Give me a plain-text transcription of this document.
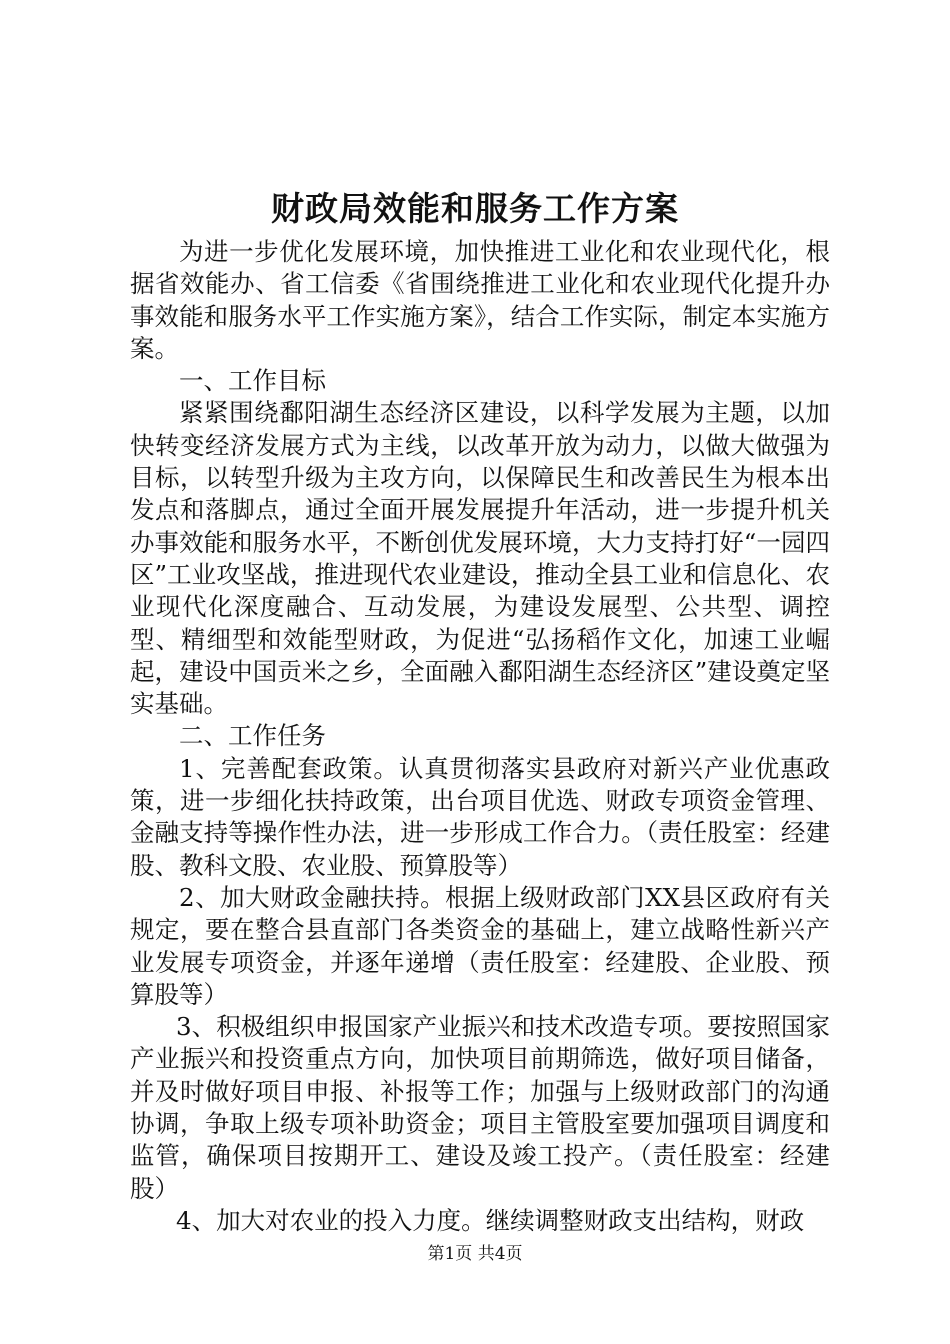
财政局效能和服务工作方案

为进一步优化发展环境，加快推进工业化和农业现代化，根据省效能办、省工信委《省围绕推进工业化和农业现代化提升办事效能和服务水平工作实施方案》，结合工作实际，制定本实施方案。

一、工作目标

紧紧围绕鄱阳湖生态经济区建设，以科学发展为主题，以加快转变经济发展方式为主线，以改革开放为动力，以做大做强为目标，以转型升级为主攻方向，以保障民生和改善民生为根本出发点和落脚点，通过全面开展发展提升年活动，进一步提升机关办事效能和服务水平，不断创优发展环境，大力支持打好“一园四区”工业攻坚战，推进现代农业建设，推动全县工业和信息化、农业现代化深度融合、互动发展，为建设发展型、公共型、调控型、精细型和效能型财政，为促进“弘扬稻作文化，加速工业崛起，建设中国贡米之乡，全面融入鄱阳湖生态经济区”建设奠定坚实基础。

二、工作任务

1、完善配套政策。认真贯彻落实县政府对新兴产业优惠政策，进一步细化扶持政策，出台项目优选、财政专项资金管理、金融支持等操作性办法，进一步形成工作合力。（责任股室：经建股、教科文股、农业股、预算股等）

2、加大财政金融扶持。根据上级财政部门XX县区政府有关规定，要在整合县直部门各类资金的基础上，建立战略性新兴产业发展专项资金，并逐年递增（责任股室：经建股、企业股、预算股等）

3、积极组织申报国家产业振兴和技术改造专项。要按照国家产业振兴和投资重点方向，加快项目前期筛选，做好项目储备，并及时做好项目申报、补报等工作；加强与上级财政部门的沟通协调，争取上级专项补助资金；项目主管股室要加强项目调度和监管，确保项目按期开工、建设及竣工投产。（责任股室：经建股）

4、加大对农业的投入力度。继续调整财政支出结构，财政

第1页 共4页
